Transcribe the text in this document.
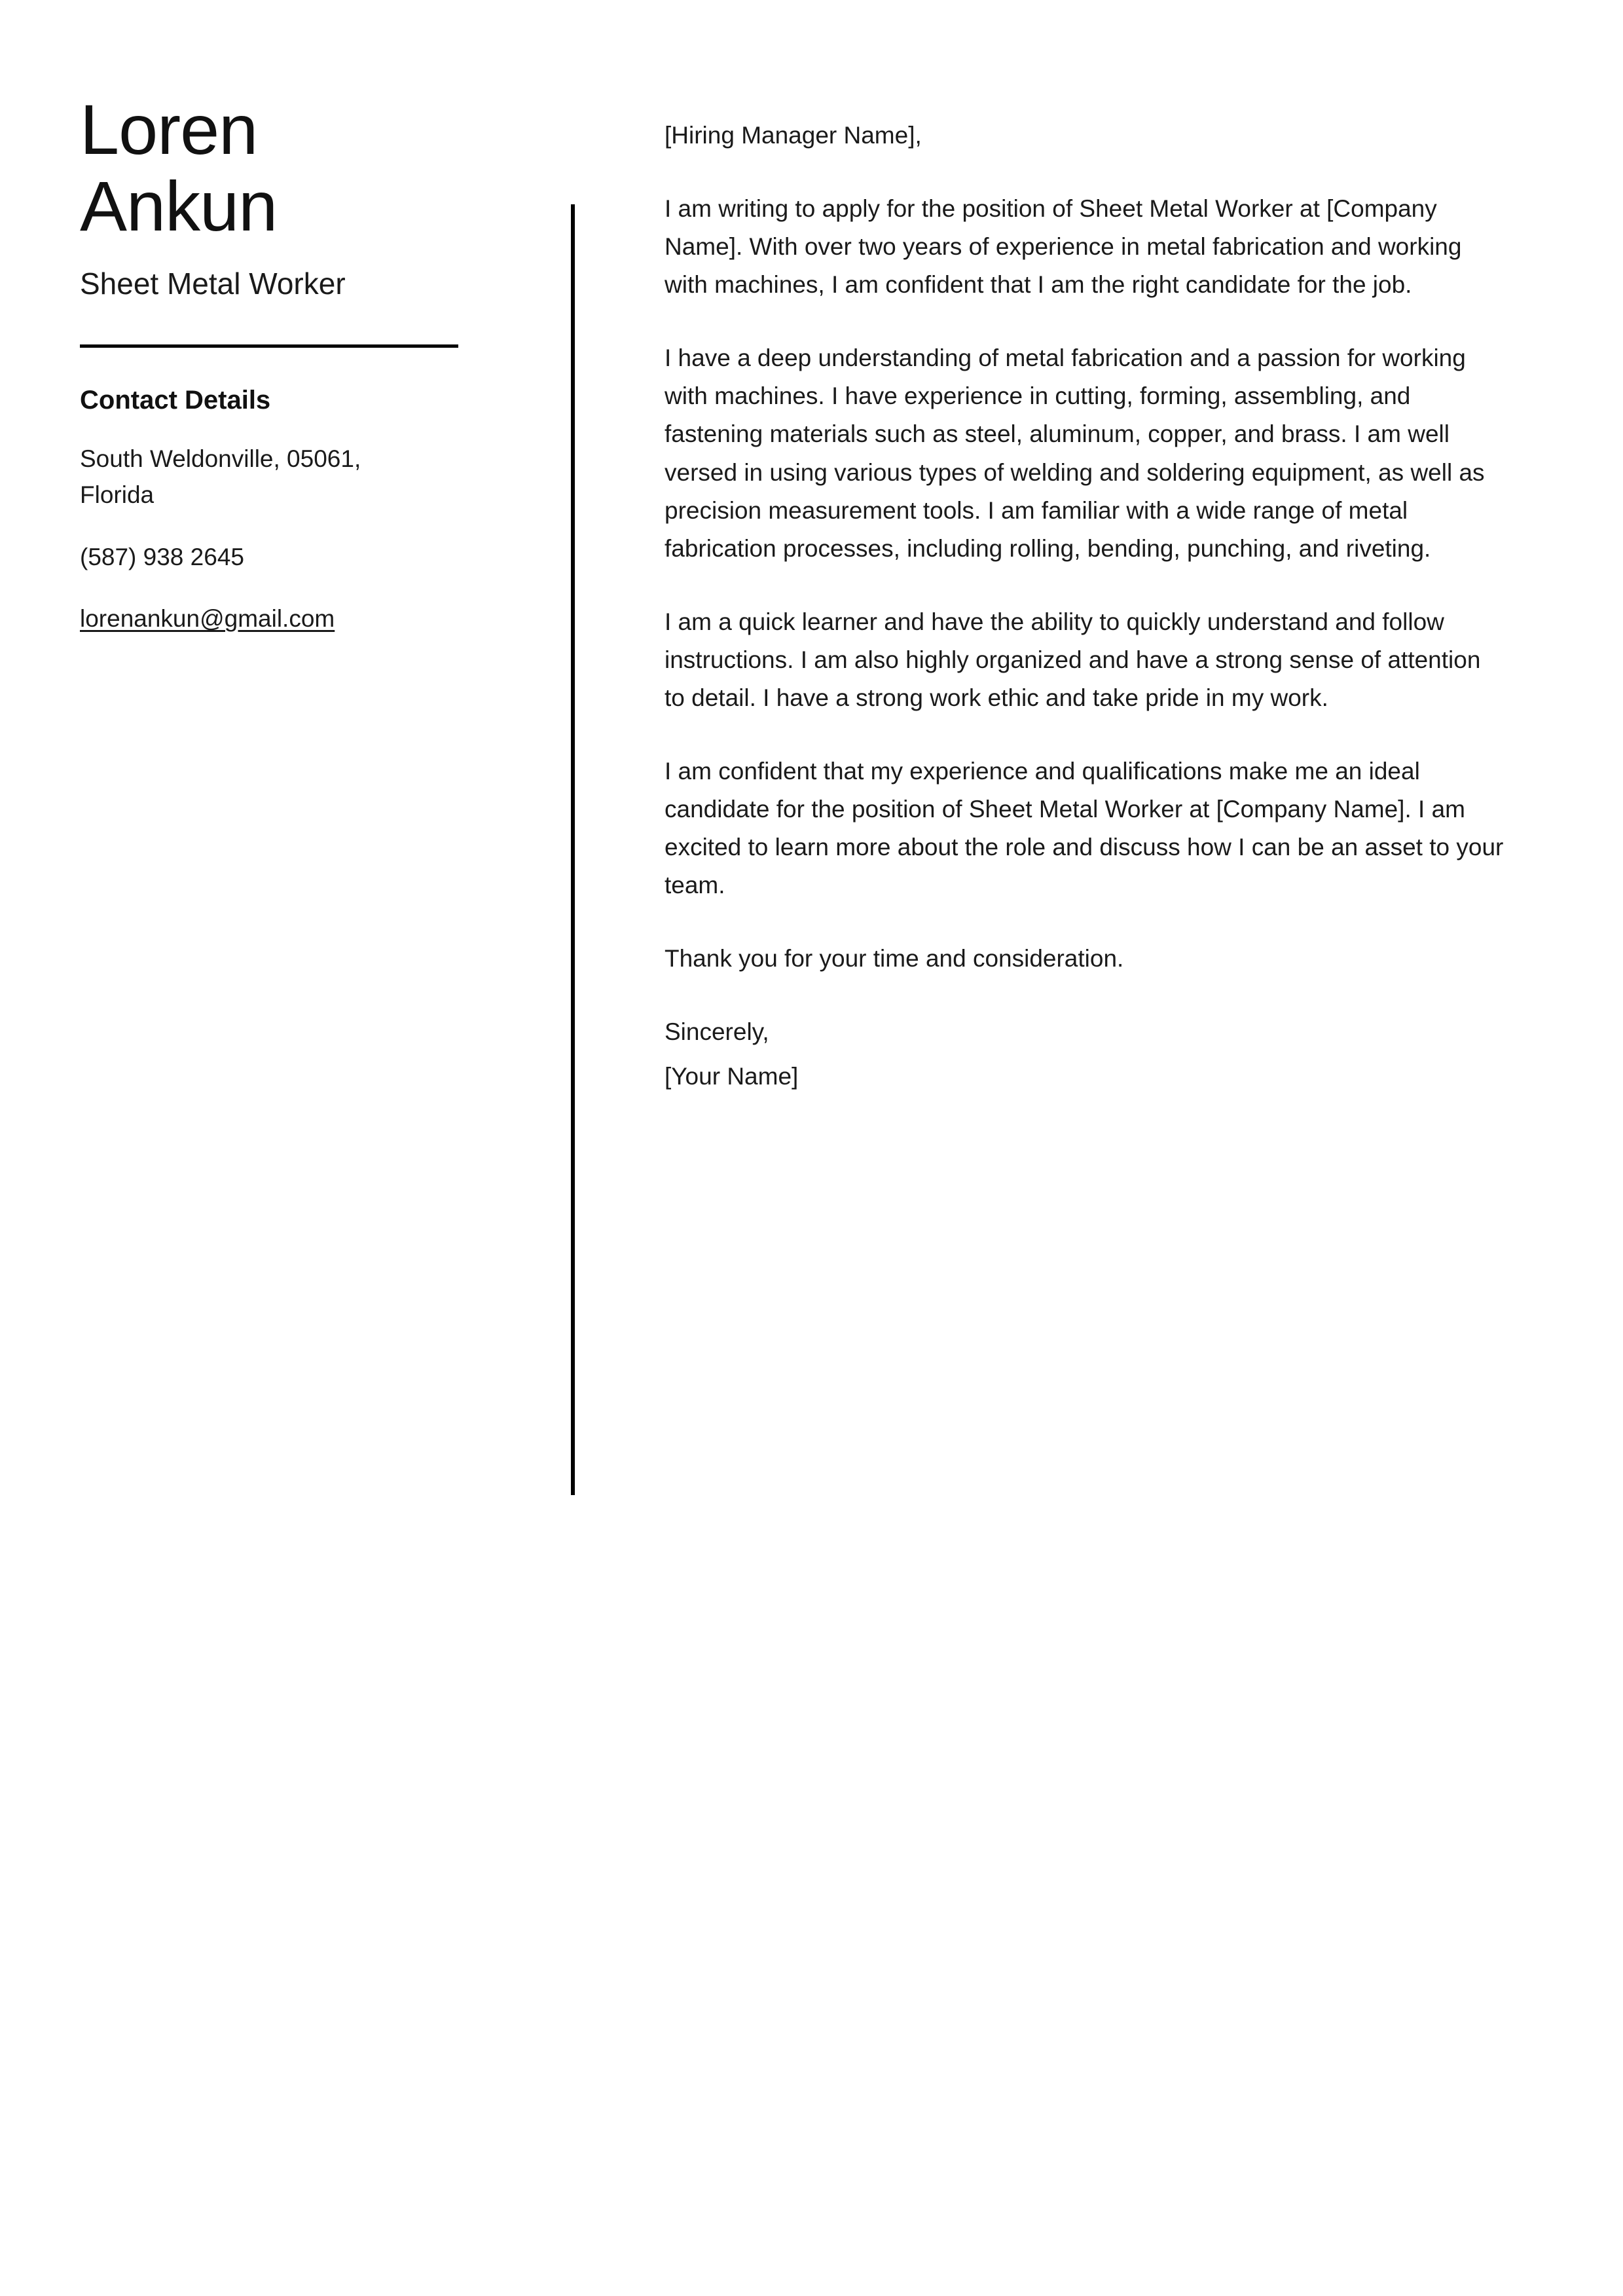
Loren
Ankun
Sheet Metal Worker
Contact Details
South Weldonville, 05061, Florida
(587) 938 2645
lorenankun@gmail.com

[Hiring Manager Name],

I am writing to apply for the position of Sheet Metal Worker at [Company Name]. With over two years of experience in metal fabrication and working with machines, I am confident that I am the right candidate for the job.

I have a deep understanding of metal fabrication and a passion for working with machines. I have experience in cutting, forming, assembling, and fastening materials such as steel, aluminum, copper, and brass. I am well versed in using various types of welding and soldering equipment, as well as precision measurement tools. I am familiar with a wide range of metal fabrication processes, including rolling, bending, punching, and riveting.

I am a quick learner and have the ability to quickly understand and follow instructions. I am also highly organized and have a strong sense of attention to detail. I have a strong work ethic and take pride in my work.

I am confident that my experience and qualifications make me an ideal candidate for the position of Sheet Metal Worker at [Company Name]. I am excited to learn more about the role and discuss how I can be an asset to your team.

Thank you for your time and consideration.

Sincerely,

[Your Name]
